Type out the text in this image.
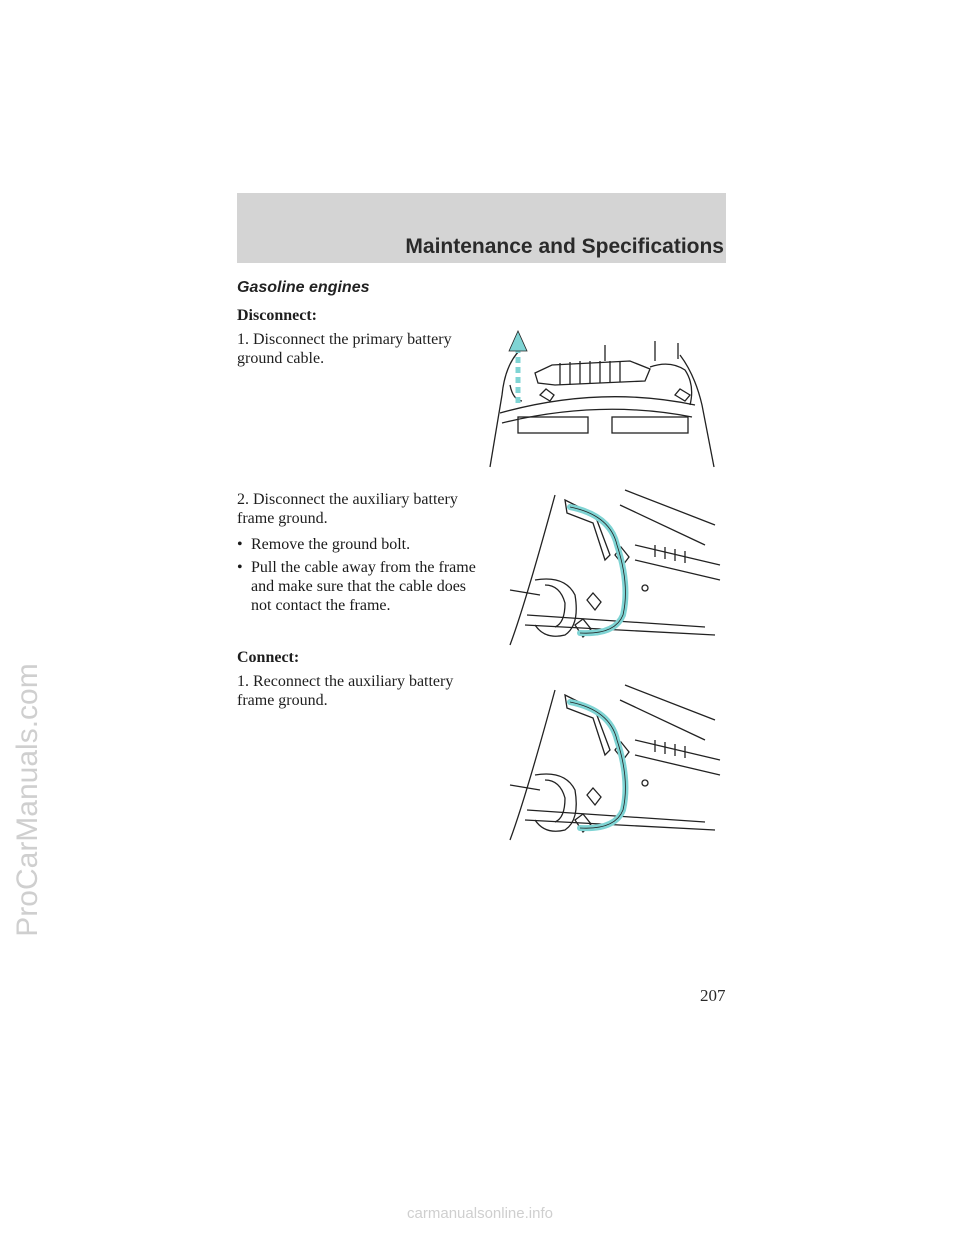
ProCarManuals.com
Maintenance and Specifications
Gasoline engines

Disconnect:

1. Disconnect the primary battery ground cable.

2. Disconnect the auxiliary battery frame ground.

• Remove the ground bolt.
• Pull the cable away from the frame and make sure that the cable does not contact the frame.

Connect:

1. Reconnect the auxiliary battery frame ground.

207

carmanualsonline.info
